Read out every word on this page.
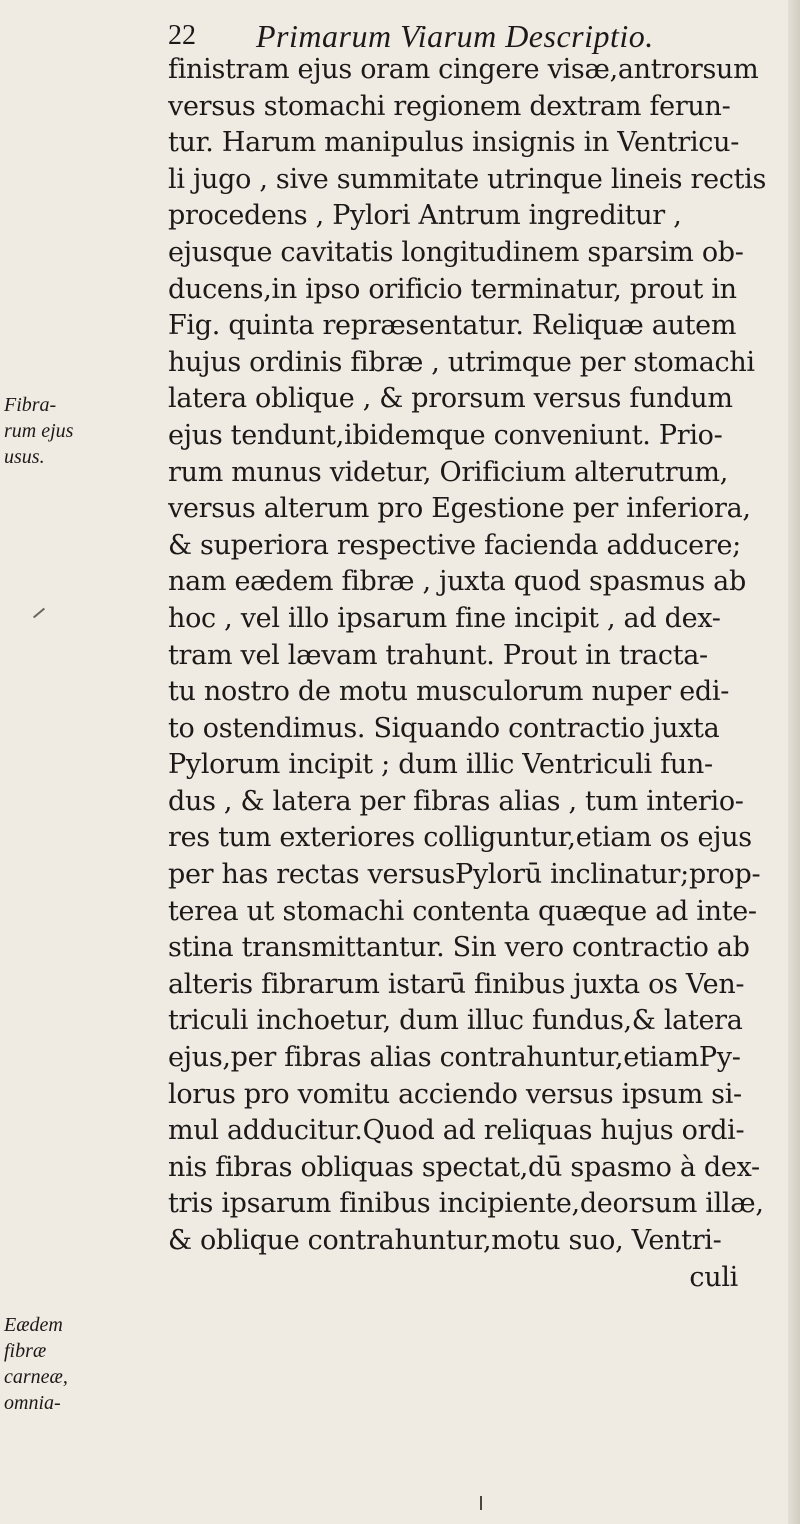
22 Primarum Viarum Descriptio.
Fibra-
rum ejus
usus.
Eædem
fibræ
carneæ,
omnia-
finistram ejus oram cingere visæ,antrorsum
versus stomachi regionem dextram ferun-
tur. Harum manipulus insignis in Ventricu-
li jugo , sive summitate utrinque lineis rectis
procedens , Pylori Antrum ingreditur ,
ejusque cavitatis longitudinem sparsim ob-
ducens,in ipso orificio terminatur, prout in
Fig. quinta repræsentatur. Reliquæ autem
hujus ordinis fibræ , utrimque per stomachi
latera oblique , & prorsum versus fundum
ejus tendunt,ibidemque conveniunt. Prio-
rum munus videtur, Orificium alterutrum,
versus alterum pro Egestione per inferiora,
& superiora respective facienda adducere;
nam eædem fibræ , juxta quod spasmus ab
hoc , vel illo ipsarum fine incipit , ad dex-
tram vel lævam trahunt. Prout in tracta-
tu nostro de motu musculorum nuper edi-
to ostendimus. Siquando contractio juxta
Pylorum incipit ; dum illic Ventriculi fun-
dus , & latera per fibras alias , tum interio-
res tum exteriores colliguntur,etiam os ejus
per has rectas versusPylorū inclinatur;prop-
terea ut stomachi contenta quæque ad inte-
stina transmittantur. Sin vero contractio ab
alteris fibrarum istarū finibus juxta os Ven-
triculi inchoetur, dum illuc fundus,& latera
ejus,per fibras alias contrahuntur,etiamPy-
lorus pro vomitu acciendo versus ipsum si-
mul adducitur.Quod ad reliquas hujus ordi-
nis fibras obliquas spectat,dū spasmo à dex-
tris ipsarum finibus incipiente,deorsum illæ,
& oblique contrahuntur,motu suo, Ventri-
culi
